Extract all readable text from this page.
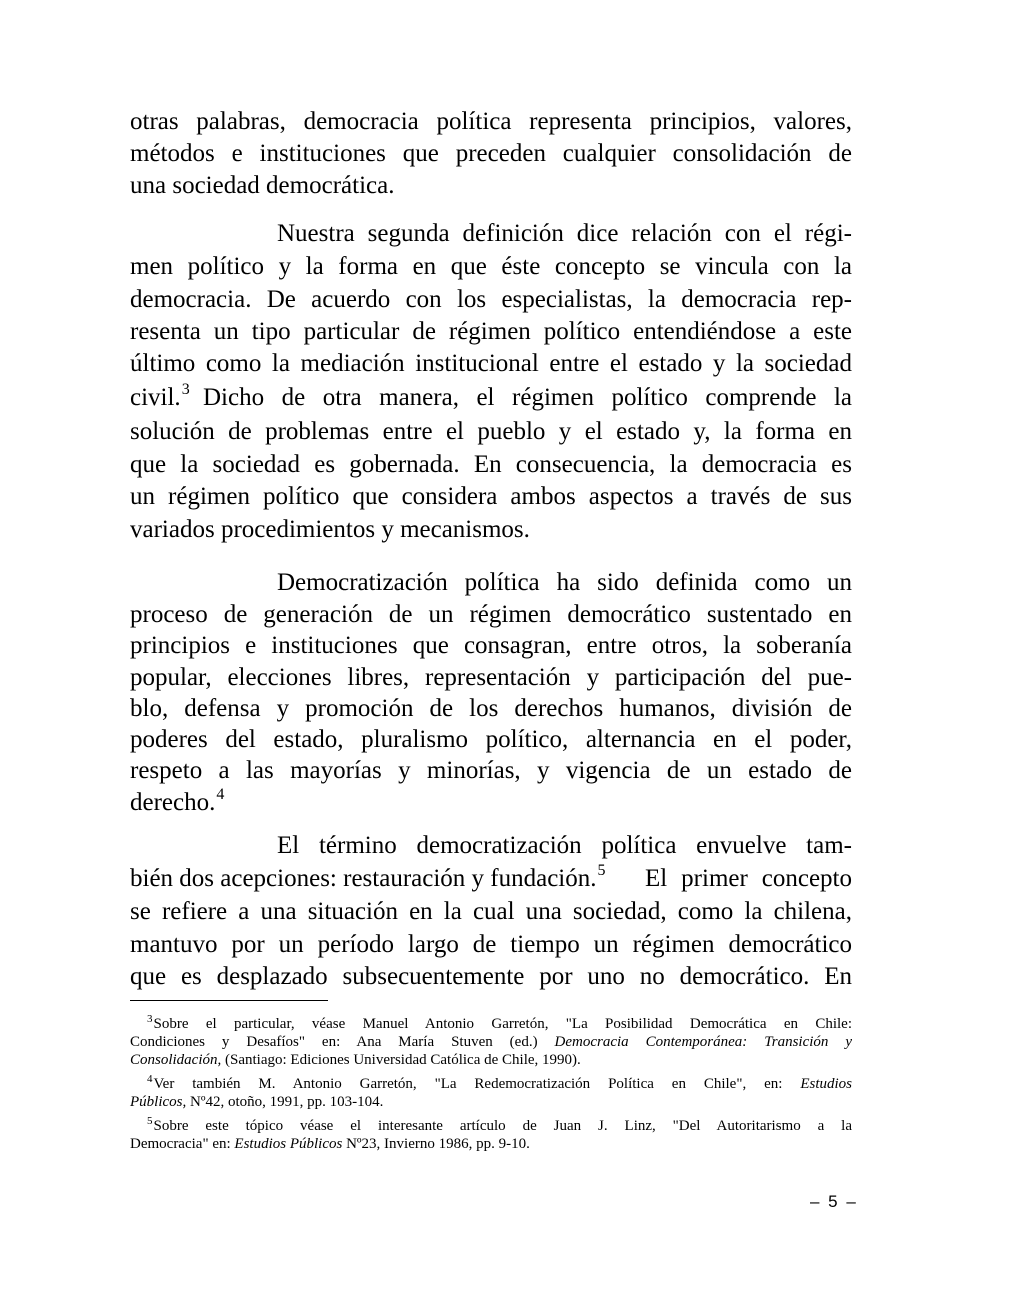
otras palabras, democracia política representa principios, valores,
métodos e instituciones que preceden cualquier consolidación de
una sociedad democrática.
Nuestra segunda definición dice relación con el régi-
men político y la forma en que éste concepto se vincula con la
democracia. De acuerdo con los especialistas, la democracia rep-
resenta un tipo particular de régimen político entendiéndose a este
último como la mediación institucional entre el estado y la sociedad
civil.$^3$ Dicho de otra manera, el régimen político comprende la
solución de problemas entre el pueblo y el estado y, la forma en
que la sociedad es gobernada. En consecuencia, la democracia es
un régimen político que considera ambos aspectos a través de sus
variados procedimientos y mecanismos.
Democratización política ha sido definida como un
proceso de generación de un régimen democrático sustentado en
principios e instituciones que consagran, entre otros, la soberanía
popular, elecciones libres, representación y participación del pue-
blo, defensa y promoción de los derechos humanos, división de
poderes del estado, pluralismo político, alternancia en el poder,
respeto a las mayorías y minorías, y vigencia de un estado de
derecho.$^4$
El término democratización política envuelve tam-
bién dos acepciones: restauración y fundación.$^5$ El primer concepto
se refiere a una situación en la cual una sociedad, como la chilena,
mantuvo por un período largo de tiempo un régimen democrático
que es desplazado subsecuentemente por uno no democrático. En
$^3$Sobre el particular, véase Manuel Antonio Garretón, "La Posibilidad Democrática en Chile:
Condiciones y Desafíos" en: Ana María Stuven (ed.) Democracia Contemporánea: Transición y
Consolidación, (Santiago: Ediciones Universidad Católica de Chile, 1990).
$^4$Ver también M. Antonio Garretón, "La Redemocratización Política en Chile", en: Estudios
Públicos, Nº42, otoño, 1991, pp. 103-104.
$^5$Sobre este tópico véase el interesante artículo de Juan J. Linz, "Del Autoritarismo a la
Democracia" en: Estudios Públicos Nº23, Invierno 1986, pp. 9-10.
– 5 –
